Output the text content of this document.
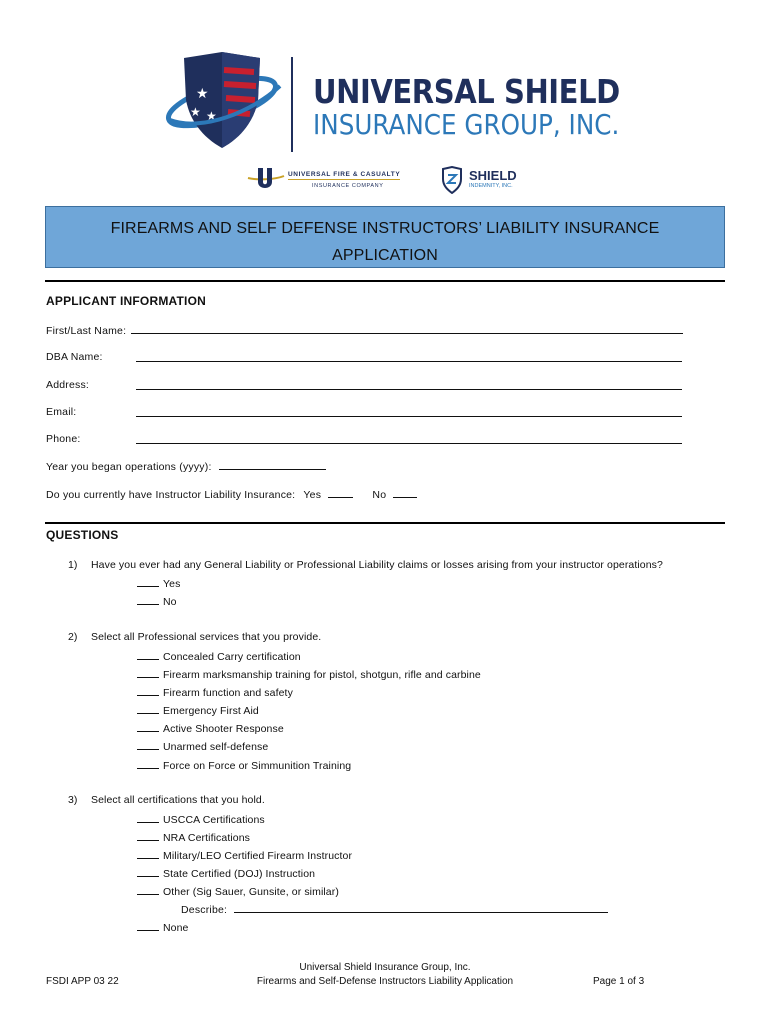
★
★ ★
UNIVERSAL SHIELD
INSURANCE GROUP, INC.
UNIVERSAL FIRE & CASUALTY
INSURANCE COMPANY
SHIELD
INDEMNITY, INC.
FIREARMS AND SELF DEFENSE INSTRUCTORS’ LIABILITY INSURANCE
APPLICATION
APPLICANT INFORMATION
First/Last Name:
DBA Name:
Address:
Email:
Phone:
Year you began operations (yyyy):
Do you currently have Instructor Liability Insurance: Yes	No
QUESTIONS
1) Have you ever had any General Liability or Professional Liability claims or losses arising from your instructor operations?
Yes
No
2) Select all Professional services that you provide.
Concealed Carry certification
Firearm marksmanship training for pistol, shotgun, rifle and carbine
Firearm function and safety
Emergency First Aid
Active Shooter Response
Unarmed self-defense
Force on Force or Simmunition Training
3) Select all certifications that you hold.
USCCA Certifications
NRA Certifications
Military/LEO Certified Firearm Instructor
State Certified (DOJ) Instruction
Other (Sig Sauer, Gunsite, or similar)
Describe:
None
FSDI APP 03 22
Universal Shield Insurance Group, Inc.
Firearms and Self-Defense Instructors Liability Application	Page 1 of 3
